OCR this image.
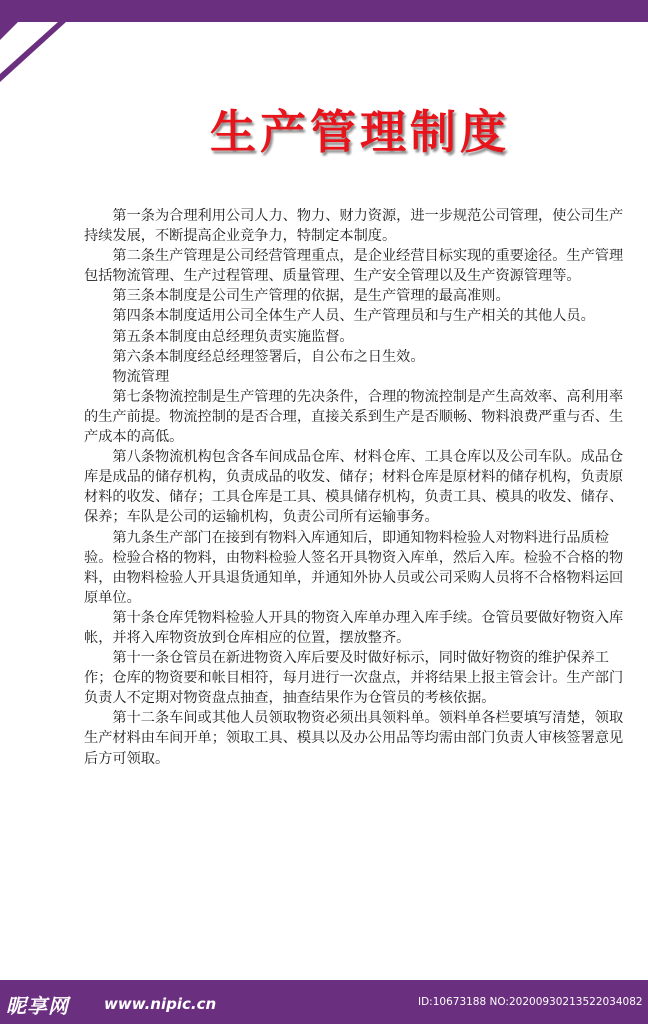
生产管理制度

第一条为合理利用公司人力、物力、财力资源，进一步规范公司管理，使公司生产持续发展，不断提高企业竞争力，特制定本制度。

第二条生产管理是公司经营管理重点，是企业经营目标实现的重要途径。生产管理包括物流管理、生产过程管理、质量管理、生产安全管理以及生产资源管理等。

第三条本制度是公司生产管理的依据，是生产管理的最高准则。

第四条本制度适用公司全体生产人员、生产管理员和与生产相关的其他人员。

第五条本制度由总经理负责实施监督。

第六条本制度经总经理签署后，自公布之日生效。

物流管理

第七条物流控制是生产管理的先决条件，合理的物流控制是产生高效率、高利用率的生产前提。物流控制的是否合理，直接关系到生产是否顺畅、物料浪费严重与否、生产成本的高低。

第八条物流机构包含各车间成品仓库、材料仓库、工具仓库以及公司车队。成品仓库是成品的储存机构，负责成品的收发、储存；材料仓库是原材料的储存机构，负责原材料的收发、储存；工具仓库是工具、模具储存机构，负责工具、模具的收发、储存、保养；车队是公司的运输机构，负责公司所有运输事务。

第九条生产部门在接到有物料入库通知后，即通知物料检验人对物料进行品质检验。检验合格的物料，由物料检验人签名开具物资入库单，然后入库。检验不合格的物料，由物料检验人开具退货通知单，并通知外协人员或公司采购人员将不合格物料运回原单位。

第十条仓库凭物料检验人开具的物资入库单办理入库手续。仓管员要做好物资入库帐，并将入库物资放到仓库相应的位置，摆放整齐。

第十一条仓管员在新进物资入库后要及时做好标示，同时做好物资的维护保养工作；仓库的物资要和帐目相符，每月进行一次盘点，并将结果上报主管会计。生产部门负责人不定期对物资盘点抽查，抽查结果作为仓管员的考核依据。

第十二条车间或其他人员领取物资必须出具领料单。领料单各栏要填写清楚，领取生产材料由车间开单；领取工具、模具以及办公用品等均需由部门负责人审核签署意见后方可领取。

昵享网 www.nipic.cn	ID:10673188 NO:20200930213522034082
